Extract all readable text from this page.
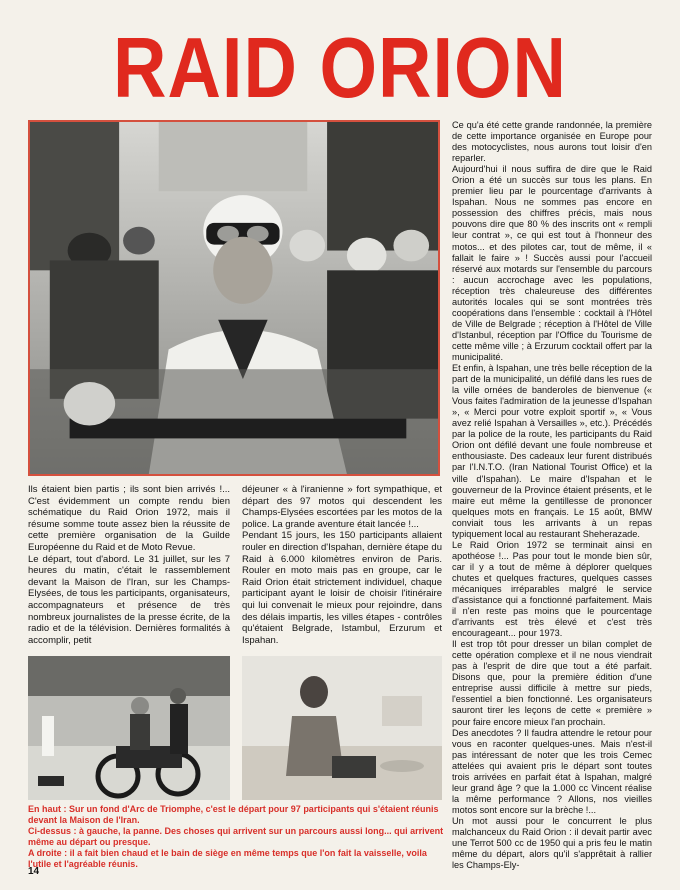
RAID ORION

Ils étaient bien partis ; ils sont bien arrivés !... C'est évidemment un compte rendu bien schématique du Raid Orion 1972, mais il résume somme toute assez bien la réussite de cette première organisation de la Guilde Européenne du Raid et de Moto Revue.

Le départ, tout d'abord. Le 31 juillet, sur les 7 heures du matin, c'était le rassemblement devant la Maison de l'Iran, sur les Champs-Elysées, de tous les participants, organisateurs, accompagnateurs et présence de très nombreux journalistes de la presse écrite, de la radio et de la télévision. Dernières formalités à accomplir, petit

déjeuner « à l'iranienne » fort sympathique, et départ des 97 motos qui descendent les Champs-Elysées escortées par les motos de la police. La grande aventure était lancée !...

Pendant 15 jours, les 150 participants allaient rouler en direction d'Ispahan, dernière étape du Raid à 6.000 kilomètres environ de Paris. Rouler en moto mais pas en groupe, car le Raid Orion était strictement individuel, chaque participant ayant le loisir de choisir l'itinéraire qui lui convenait le mieux pour rejoindre, dans des délais impartis, les villes étapes - contrôles qu'étaient Belgrade, Istambul, Erzurum et Ispahan.

Ce qu'a été cette grande randonnée, la première de cette importance organisée en Europe pour des motocyclistes, nous aurons tout loisir d'en reparler.

Aujourd'hui il nous suffira de dire que le Raid Orion a été un succès sur tous les plans. En premier lieu par le pourcentage d'arrivants à Ispahan. Nous ne sommes pas encore en possession des chiffres précis, mais nous pouvons dire que 80 % des inscrits ont « rempli leur contrat », ce qui est tout à l'honneur des motos... et des pilotes car, tout de même, il « fallait le faire » ! Succès aussi pour l'accueil réservé aux motards sur l'ensemble du parcours : aucun accrochage avec les populations, réception très chaleureuse des différentes autorités locales qui se sont montrées très coopérations dans l'ensemble : cocktail à l'Hôtel de Ville de Belgrade ; réception à l'Hôtel de Ville d'Istanbul, réception par l'Office du Tourisme de cette même ville ; à Erzurum cocktail offert par la municipalité.

Et enfin, à Ispahan, une très belle réception de la part de la municipalité, un défilé dans les rues de la ville ornées de banderoles de bienvenue (« Vous faites l'admiration de la jeunesse d'Ispahan », « Merci pour votre exploit sportif », « Vous avez relié Ispahan à Versailles », etc.). Précédés par la police de la route, les participants du Raid Orion ont défilé devant une foule nombreuse et enthousiaste. Des cadeaux leur furent distribués par l'I.N.T.O. (Iran National Tourist Office) et la ville d'Ispahan). Le maire d'Ispahan et le gouverneur de la Province étaient présents, et le maire eut même la gentillesse de prononcer quelques mots en français. Le 15 août, BMW conviait tous les arrivants à un repas typiquement local au restaurant Sheherazade.

Le Raid Orion 1972 se terminait ainsi en apothéose !... Pas pour tout le monde bien sûr, car il y a tout de même à déplorer quelques chutes et quelques fractures, quelques casses mécaniques irréparables malgré le service d'assistance qui a fonctionné parfaitement. Mais il n'en reste pas moins que le pourcentage d'arrivants est très élevé et c'est très encourageant... pour 1973.

Il est trop tôt pour dresser un bilan complet de cette opération complexe et il ne nous viendrait pas à l'esprit de dire que tout a été parfait. Disons que, pour la première édition d'une entreprise aussi difficile à mettre sur pieds, l'essentiel a bien fonctionné. Les organisateurs sauront tirer les leçons de cette « première » pour faire encore mieux l'an prochain.

Des anecdotes ? Il faudra attendre le retour pour vous en raconter quelques-unes. Mais n'est-il pas intéressant de noter que les trois Cemec attelées qui avaient pris le départ sont toutes trois arrivées en parfait état à Ispahan, malgré leur grand âge ? que la 1.000 cc Vincent réalise la même performance ? Allons, nos vieilles motos sont encore sur la brèche !...

Un mot aussi pour le concurrent le plus malchanceux du Raid Orion : il devait partir avec une Terrot 500 cc de 1950 qui a pris feu le matin même du départ, alors qu'il s'apprêtait à rallier les Champs-Ely-

En haut : Sur un fond d'Arc de Triomphe, c'est le départ pour 97 participants qui s'étaient réunis devant la Maison de l'Iran.

Ci-dessus : à gauche, la panne. Des choses qui arrivent sur un parcours aussi long... qui arrivent même au départ ou presque.

A droite : il a fait bien chaud et le bain de siège en même temps que l'on fait la vaisselle, voila l'utile et l'agréable réunis.

14
